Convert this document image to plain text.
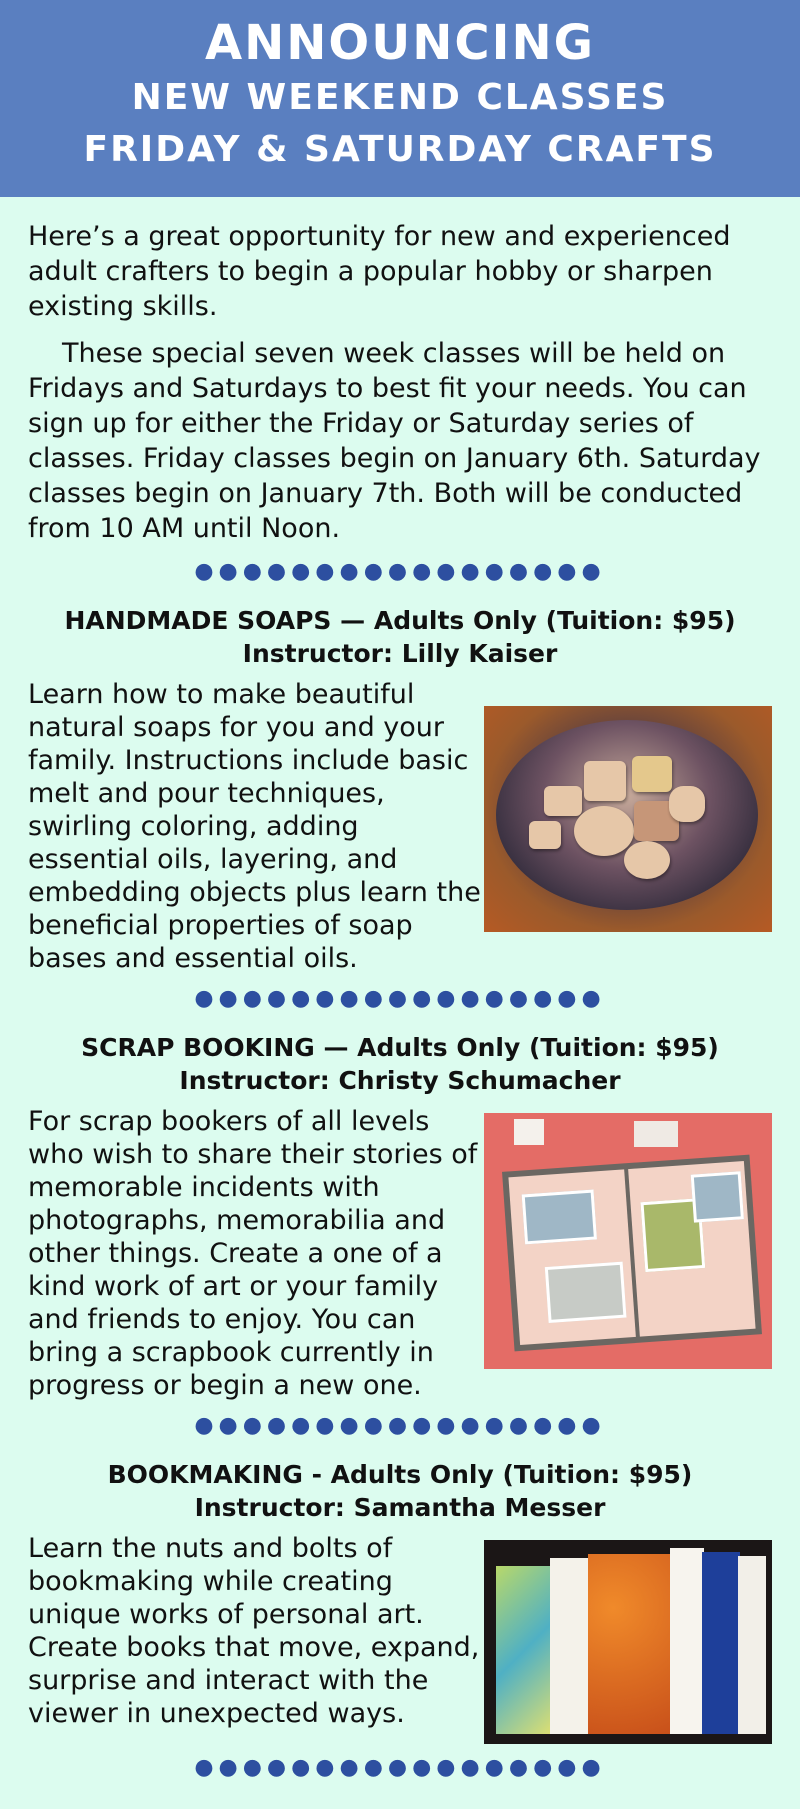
ANNOUNCING
NEW WEEKEND CLASSES
FRIDAY & SATURDAY CRAFTS

Here’s a great opportunity for new and experienced adult crafters to begin a popular hobby or sharpen existing skills.

These special seven week classes will be held on Fridays and Saturdays to best fit your needs. You can sign up for either the Friday or Saturday series of classes. Friday classes begin on January 6th. Saturday classes begin on January 7th. Both will be conducted from 10 AM until Noon.

●●●●●●●●●●●●●●●●●
HANDMADE SOAPS — Adults Only (Tuition: $95)
Instructor: Lilly Kaiser
Learn how to make beautiful natural soaps for you and your family. Instructions include basic melt and pour techniques, swirling coloring, adding essential oils, layering, and embedding objects plus learn the beneficial properties of soap bases and essential oils.
●●●●●●●●●●●●●●●●●
SCRAP BOOKING — Adults Only (Tuition: $95)
Instructor: Christy Schumacher
For scrap bookers of all levels who wish to share their stories of memorable incidents with photographs, memorabilia and other things. Create a one of a kind work of art or your family and friends to enjoy. You can bring a scrapbook currently in progress or begin a new one.
●●●●●●●●●●●●●●●●●
BOOKMAKING - Adults Only (Tuition: $95)
Instructor: Samantha Messer
Learn the nuts and bolts of bookmaking while creating unique works of personal art. Create books that move, expand, surprise and interact with the viewer in unexpected ways.
●●●●●●●●●●●●●●●●●
